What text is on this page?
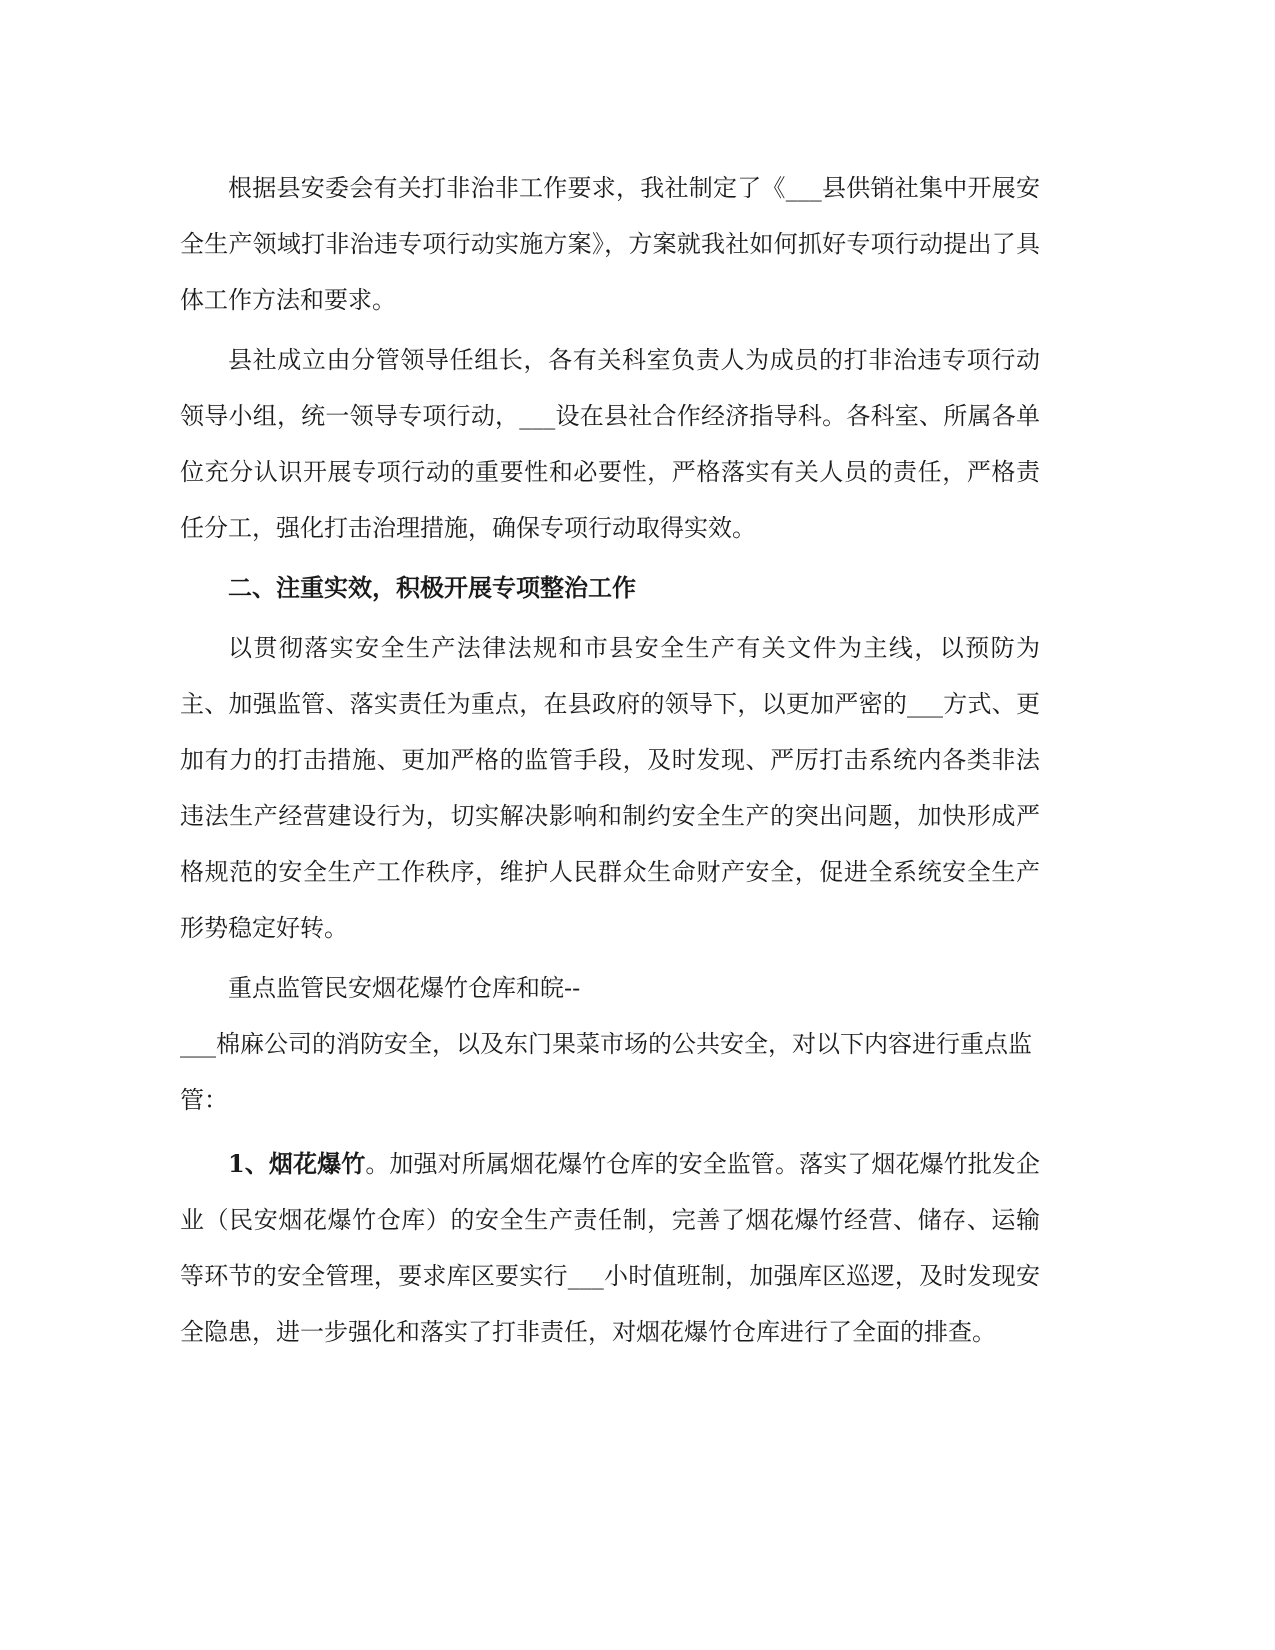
根据县安委会有关打非治非工作要求，我社制定了《___县供销社集中开展安全生产领域打非治违专项行动实施方案》，方案就我社如何抓好专项行动提出了具体工作方法和要求。

县社成立由分管领导任组长，各有关科室负责人为成员的打非治违专项行动领导小组，统一领导专项行动，___设在县社合作经济指导科。各科室、所属各单位充分认识开展专项行动的重要性和必要性，严格落实有关人员的责任，严格责任分工，强化打击治理措施，确保专项行动取得实效。

二、注重实效，积极开展专项整治工作

以贯彻落实安全生产法律法规和市县安全生产有关文件为主线，以预防为主、加强监管、落实责任为重点，在县政府的领导下，以更加严密的___方式、更加有力的打击措施、更加严格的监管手段，及时发现、严厉打击系统内各类非法违法生产经营建设行为，切实解决影响和制约安全生产的突出问题，加快形成严格规范的安全生产工作秩序，维护人民群众生命财产安全，促进全系统安全生产形势稳定好转。

重点监管民安烟花爆竹仓库和皖--
___棉麻公司的消防安全，以及东门果菜市场的公共安全，对以下内容进行重点监管：

1、烟花爆竹。加强对所属烟花爆竹仓库的安全监管。落实了烟花爆竹批发企业（民安烟花爆竹仓库）的安全生产责任制，完善了烟花爆竹经营、储存、运输等环节的安全管理，要求库区要实行___小时值班制，加强库区巡逻，及时发现安全隐患，进一步强化和落实了打非责任，对烟花爆竹仓库进行了全面的排查。
